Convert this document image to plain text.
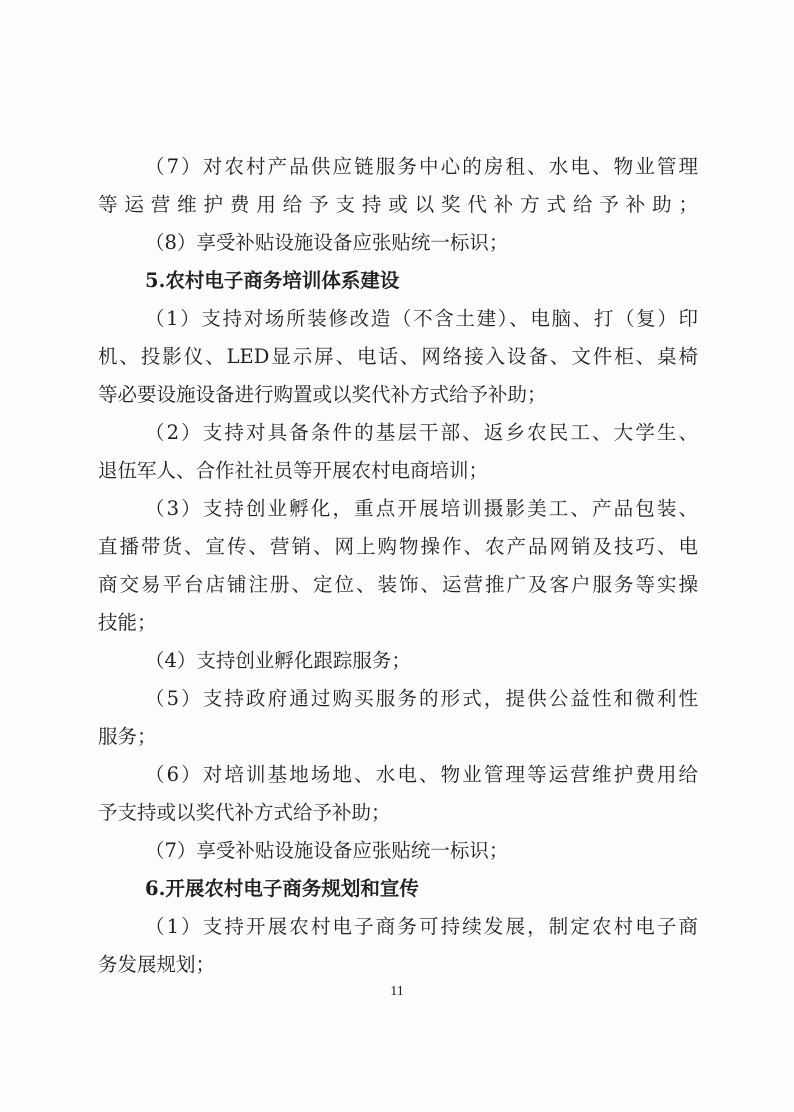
（7）对农村产品供应链服务中心的房租、水电、物业管理
等运营维护费用给予支持或以奖代补方式给予补助；
（8）享受补贴设施设备应张贴统一标识；
5.农村电子商务培训体系建设
（1）支持对场所装修改造（不含土建）、电脑、打（复）印
机、投影仪、LED显示屏、电话、网络接入设备、文件柜、桌椅
等必要设施设备进行购置或以奖代补方式给予补助；
（2）支持对具备条件的基层干部、返乡农民工、大学生、
退伍军人、合作社社员等开展农村电商培训；
（3）支持创业孵化，重点开展培训摄影美工、产品包装、
直播带货、宣传、营销、网上购物操作、农产品网销及技巧、电
商交易平台店铺注册、定位、装饰、运营推广及客户服务等实操
技能；
（4）支持创业孵化跟踪服务；
（5）支持政府通过购买服务的形式，提供公益性和微利性
服务；
（6）对培训基地场地、水电、物业管理等运营维护费用给
予支持或以奖代补方式给予补助；
（7）享受补贴设施设备应张贴统一标识；
6.开展农村电子商务规划和宣传
（1）支持开展农村电子商务可持续发展，制定农村电子商
务发展规划；
11
